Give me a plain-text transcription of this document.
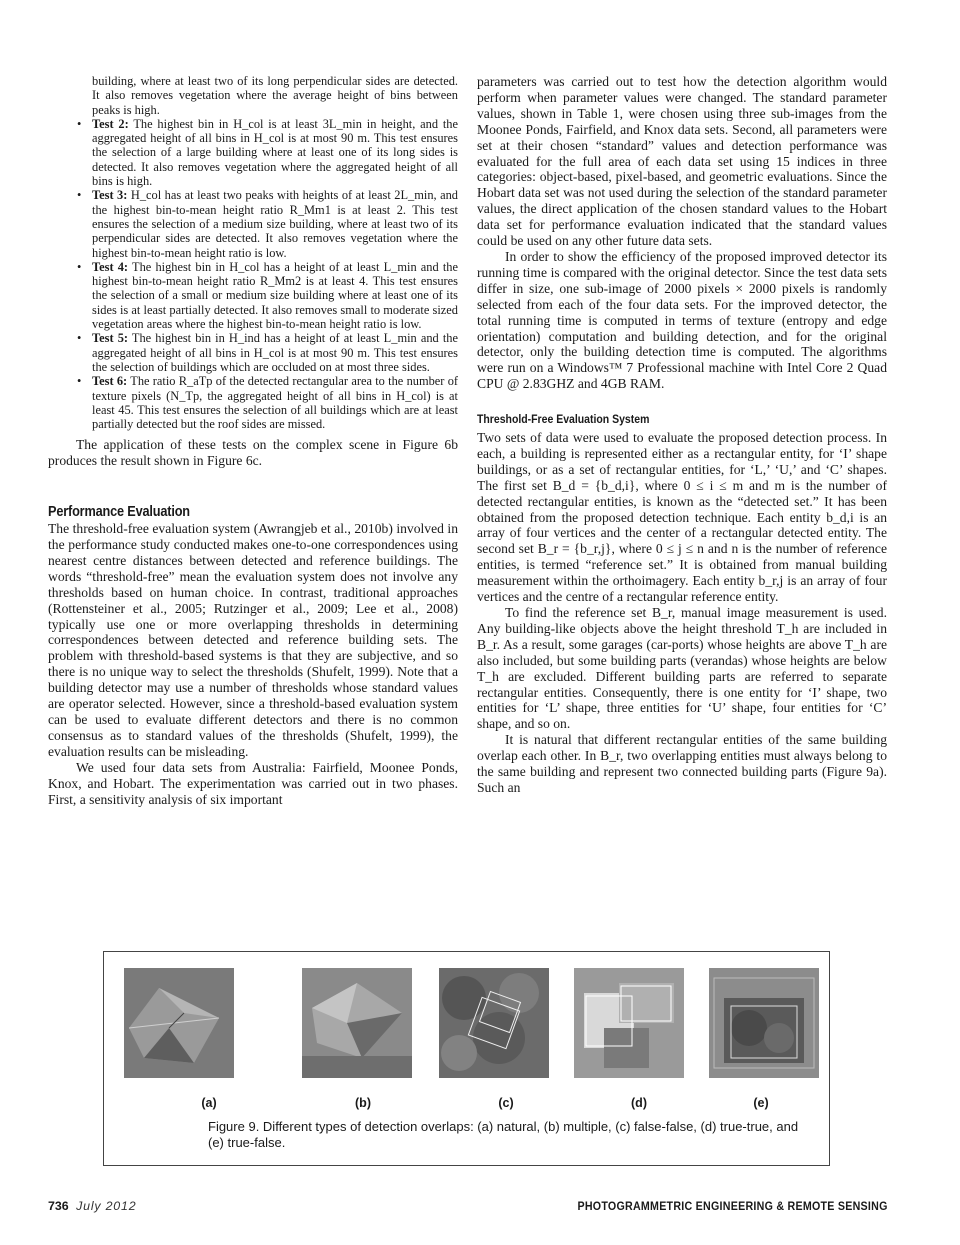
building, where at least two of its long perpendicular sides are detected. It also removes vegetation where the average height of bins between peaks is high.

• Test 2: The highest bin in H_col is at least 3L_min in height, and the aggregated height of all bins in H_col is at most 90 m. This test ensures the selection of a large building where at least one of its long sides is detected. It also removes vegetation where the aggregated height of all bins is high.
• Test 3: H_col has at least two peaks with heights of at least 2L_min, and the highest bin-to-mean height ratio R_Mm1 is at least 2. This test ensures the selection of a medium size building, where at least two of its perpendicular sides are detected. It also removes vegetation where the highest bin-to-mean height ratio is low.
• Test 4: The highest bin in H_col has a height of at least L_min and the highest bin-to-mean height ratio R_Mm2 is at least 4. This test ensures the selection of a small or medium size building where at least one of its sides is at least partially detected. It also removes small to moderate sized vegetation areas where the highest bin-to-mean height ratio is low.
• Test 5: The highest bin in H_ind has a height of at least L_min and the aggregated height of all bins in H_col is at most 90 m. This test ensures the selection of buildings which are occluded on at most three sides.
• Test 6: The ratio R_aTp of the detected rectangular area to the number of texture pixels (N_Tp, the aggregated height of all bins in H_col) is at least 45. This test ensures the selection of all buildings which are at least partially detected but the roof sides are missed.

The application of these tests on the complex scene in Figure 6b produces the result shown in Figure 6c.

Performance Evaluation

The threshold-free evaluation system (Awrangjeb et al., 2010b) involved in the performance study conducted makes one-to-one correspondences using nearest centre distances between detected and reference buildings. The words “threshold-free” mean the evaluation system does not involve any thresholds based on human choice. In contrast, traditional approaches (Rottensteiner et al., 2005; Rutzinger et al., 2009; Lee et al., 2008) typically use one or more overlapping thresholds in determining correspondences between detected and reference building sets. The problem with threshold-based systems is that they are subjective, and so there is no unique way to select the thresholds (Shufelt, 1999). Note that a building detector may use a number of thresholds whose standard values are operator selected. However, since a threshold-based evaluation system can be used to evaluate different detectors and there is no common consensus as to standard values of the thresholds (Shufelt, 1999), the evaluation results can be misleading.

We used four data sets from Australia: Fairfield, Moonee Ponds, Knox, and Hobart. The experimentation was carried out in two phases. First, a sensitivity analysis of six important

parameters was carried out to test how the detection algorithm would perform when parameter values were changed. The standard parameter values, shown in Table 1, were chosen using three sub-images from the Moonee Ponds, Fairfield, and Knox data sets. Second, all parameters were set at their chosen “standard” values and detection performance was evaluated for the full area of each data set using 15 indices in three categories: object-based, pixel-based, and geometric evaluations. Since the Hobart data set was not used during the selection of the standard parameter values, the direct application of the chosen standard values to the Hobart data set for performance evaluation indicated that the standard values could be used on any other future data sets.

In order to show the efficiency of the proposed improved detector its running time is compared with the original detector. Since the test data sets differ in size, one sub-image of 2000 pixels × 2000 pixels is randomly selected from each of the four data sets. For the improved detector, the total running time is computed in terms of texture (entropy and edge orientation) computation and building detection, and for the original detector, only the building detection time is computed. The algorithms were run on a Windows™ 7 Professional machine with Intel Core 2 Quad CPU @ 2.83GHZ and 4GB RAM.

Threshold-Free Evaluation System

Two sets of data were used to evaluate the proposed detection process. In each, a building is represented either as a rectangular entity, for ‘I’ shape buildings, or as a set of rectangular entities, for ‘L,’ ‘U,’ and ‘C’ shapes. The first set B_d = {b_d,i}, where 0 ≤ i ≤ m and m is the number of detected rectangular entities, is known as the “detected set.” It has been obtained from the proposed detection technique. Each entity b_d,i is an array of four vertices and the center of a rectangular detected entity. The second set B_r = {b_r,j}, where 0 ≤ j ≤ n and n is the number of reference entities, is termed “reference set.” It is obtained from manual building measurement within the orthoimagery. Each entity b_r,j is an array of four vertices and the centre of a rectangular reference entity.

To find the reference set B_r, manual image measurement is used. Any building-like objects above the height threshold T_h are included in B_r. As a result, some garages (car-ports) whose heights are above T_h are also included, but some building parts (verandas) whose heights are below T_h are excluded. Different building parts are referred to separate rectangular entities. Consequently, there is one entity for ‘I’ shape, two entities for ‘L’ shape, three entities for ‘U’ shape, four entities for ‘C’ shape, and so on.

It is natural that different rectangular entities of the same building overlap each other. In B_r, two overlapping entities must always belong to the same building and represent two connected building parts (Figure 9a). Such an

(a)	(b)	(c)	(d)	(e)
Figure 9. Different types of detection overlaps: (a) natural, (b) multiple, (c) false-false, (d) true-true, and (e) true-false.
736 July 2012	PHOTOGRAMMETRIC ENGINEERING & REMOTE SENSING
